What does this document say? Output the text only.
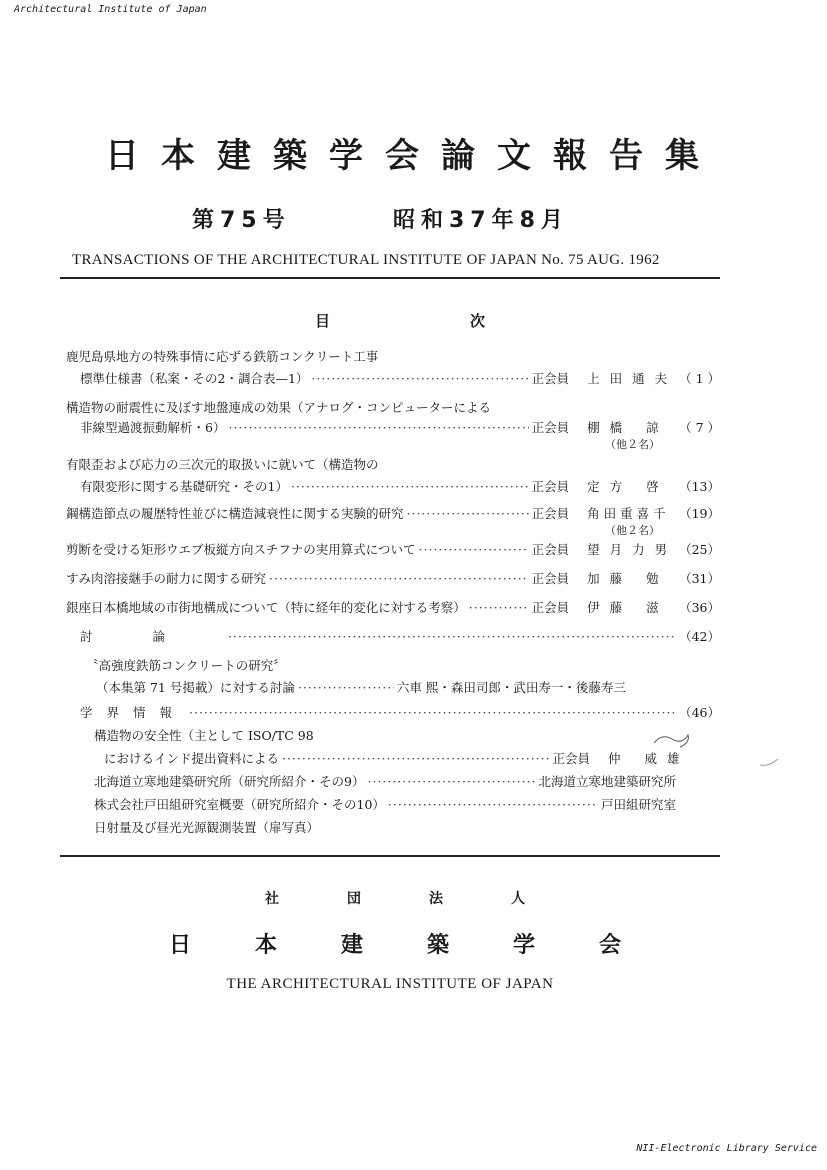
Architectural Institute of Japan
日本建築学会論文報告集
第75号	昭和37年8月
TRANSACTIONS OF THE ARCHITECTURAL INSTITUTE OF JAPAN No. 75 AUG. 1962
目	次
鹿児島県地方の特殊事情に応ずる鉄筋コンクリート工事
標準仕様書（私案・その2・調合表—1） ·····	正会員 上田通夫 （ 1 ）
構造物の耐震性に及ぼす地盤連成の効果（アナログ・コンピューターによる
非線型過渡振動解析・6） ·····	正会員 棚橋 諒 （ 7 ）
（他２名）
有限歪および応力の三次元的取扱いに就いて（構造物の
有限変形に関する基礎研究・その1） ·····	正会員 定方 啓 （13）
鋼構造節点の履歴特性並びに構造減衰性に関する実験的研究 ·····	正会員 角田重喜千 （19）
（他２名）
剪断を受ける矩形ウエブ板縦方向スチフナの実用算式について ·····	正会員 望月力男 （25）
すみ肉溶接継手の耐力に関する研究 ·····	正会員 加藤 勉 （31）
銀座日本橋地域の市街地構成について（特に経年的変化に対する考察） ·····	正会員 伊藤 滋 （36）
討論 ·····	（42）
〝高強度鉄筋コンクリートの研究〞
（本集第 71 号掲載）に対する討論 ·····	六車 熙・森田司郎・武田寿一・後藤寿三
学界情報 ·····	（46）
構造物の安全性（主として ISO/TC 98
におけるインド提出資料による ·····	正会員 仲 威雄
北海道立寒地建築研究所（研究所紹介・その9） ·····	北海道立寒地建築研究所
株式会社戸田組研究室概要（研究所紹介・その10） ·····	戸田組研究室
日射量及び昼光光源観測装置（扉写真）
社	団	法	人
日	本	建	築	学	会
THE ARCHITECTURAL INSTITUTE OF JAPAN
NII-Electronic Library Service
